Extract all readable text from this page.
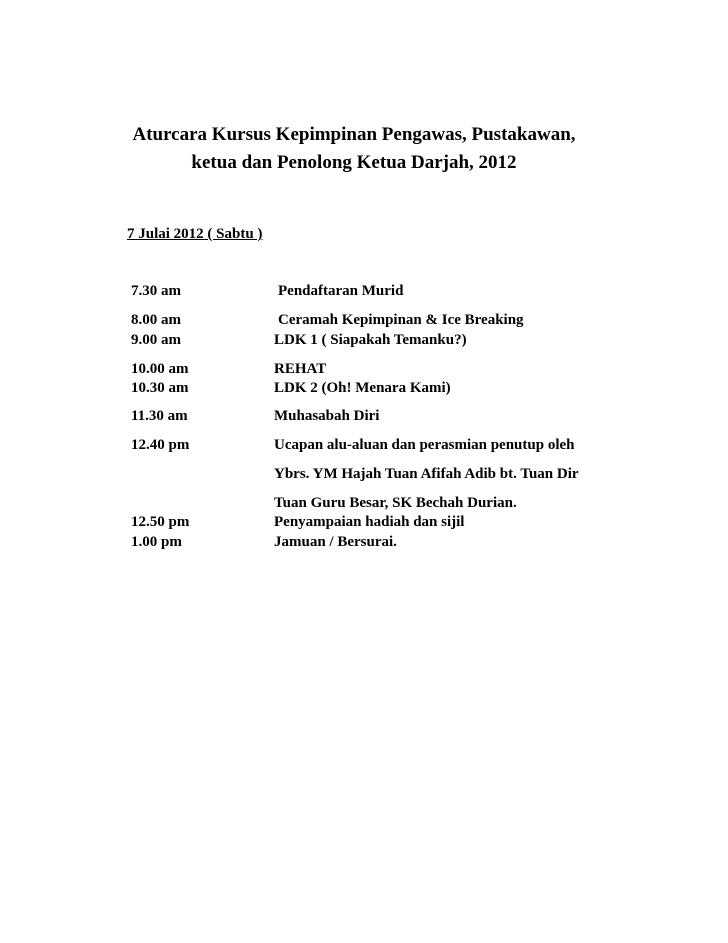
Aturcara Kursus Kepimpinan Pengawas, Pustakawan,
ketua dan Penolong Ketua Darjah, 2012
7 Julai 2012 ( Sabtu )
7.30 am	Pendaftaran Murid
8.00 am	Ceramah Kepimpinan & Ice Breaking
9.00 am	LDK 1 ( Siapakah Temanku?)
10.00 am	REHAT
10.30 am	LDK 2 (Oh! Menara Kami)
11.30 am	Muhasabah Diri
12.40 pm	Ucapan alu-aluan dan perasmian penutup oleh
Ybrs. YM Hajah Tuan Afifah Adib bt. Tuan Dir
Tuan Guru Besar, SK Bechah Durian.
12.50 pm	Penyampaian hadiah dan sijil
1.00 pm	Jamuan / Bersurai.
